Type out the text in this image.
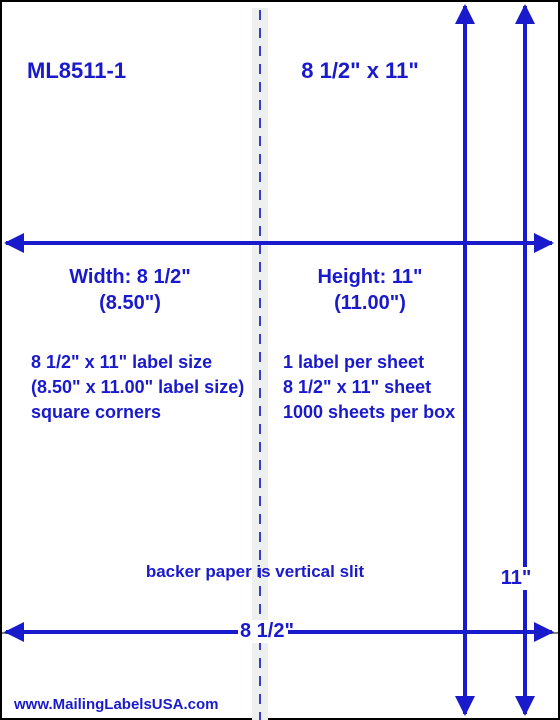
ML8511-1	8 1/2" x 11"
Width: 8 1/2"
(8.50")
Height: 11"
(11.00")
8 1/2" x 11" label size
(8.50" x 11.00" label size)
square corners
1 label per sheet
8 1/2" x 11" sheet
1000 sheets per box
backer paper is vertical slit	11"
8 1/2"
www.MailingLabelsUSA.com
